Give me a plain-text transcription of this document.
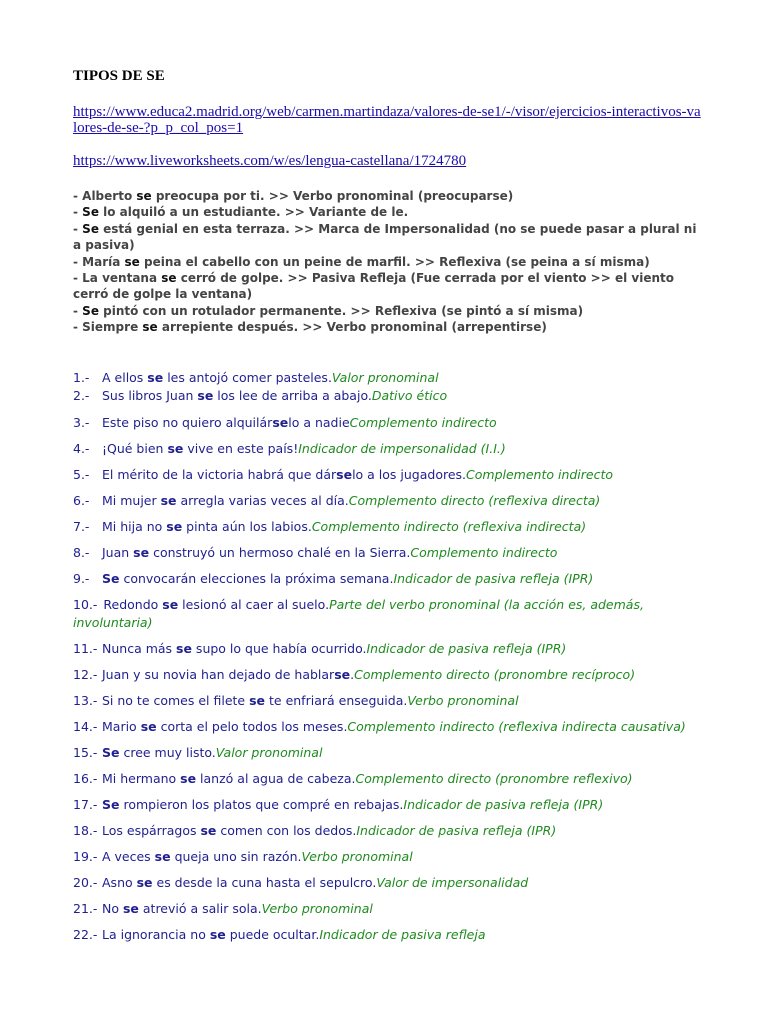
TIPOS DE SE
https://www.educa2.madrid.org/web/carmen.martindaza/valores-de-se1/-/visor/ejercicios-interactivos-valores-de-se-?p_p_col_pos=1
https://www.liveworksheets.com/w/es/lengua-castellana/1724780
- Alberto se preocupa por ti. >> Verbo pronominal (preocuparse)
- Se lo alquiló a un estudiante. >> Variante de le.
- Se está genial en esta terraza. >> Marca de Impersonalidad (no se puede pasar a plural ni a pasiva)
- María se peina el cabello con un peine de marfil. >> Reflexiva (se peina a sí misma)
- La ventana se cerró de golpe. >> Pasiva Refleja (Fue cerrada por el viento >> el viento cerró de golpe la ventana)
- Se pintó con un rotulador permanente. >> Reflexiva (se pintó a sí misma)
- Siempre se arrepiente después. >> Verbo pronominal (arrepentirse)
1.- A ellos se les antojó comer pasteles.Valor pronominal
2.- Sus libros Juan se los lee de arriba a abajo.Dativo ético
3.- Este piso no quiero alquilárselo a nadieComplemento indirecto
4.- ¡Qué bien se vive en este país!Indicador de impersonalidad (I.I.)
5.- El mérito de la victoria habrá que dárselo a los jugadores.Complemento indirecto
6.- Mi mujer se arregla varias veces al día.Complemento directo (reflexiva directa)
7.- Mi hija no se pinta aún los labios.Complemento indirecto (reflexiva indirecta)
8.- Juan se construyó un hermoso chalé en la Sierra.Complemento indirecto
9.- Se convocarán elecciones la próxima semana.Indicador de pasiva refleja (IPR)
10.- Redondo se lesionó al caer al suelo.Parte del verbo pronominal (la acción es, además, involuntaria)
11.- Nunca más se supo lo que había ocurrido.Indicador de pasiva refleja (IPR)
12.- Juan y su novia han dejado de hablarse.Complemento directo (pronombre recíproco)
13.- Si no te comes el filete se te enfriará enseguida.Verbo pronominal
14.- Mario se corta el pelo todos los meses.Complemento indirecto (reflexiva indirecta causativa)
15.- Se cree muy listo.Valor pronominal
16.- Mi hermano se lanzó al agua de cabeza.Complemento directo (pronombre reflexivo)
17.- Se rompieron los platos que compré en rebajas.Indicador de pasiva refleja (IPR)
18.- Los espárragos se comen con los dedos.Indicador de pasiva refleja (IPR)
19.- A veces se queja uno sin razón.Verbo pronominal
20.- Asno se es desde la cuna hasta el sepulcro.Valor de impersonalidad
21.- No se atrevió a salir sola.Verbo pronominal
22.- La ignorancia no se puede ocultar.Indicador de pasiva refleja
